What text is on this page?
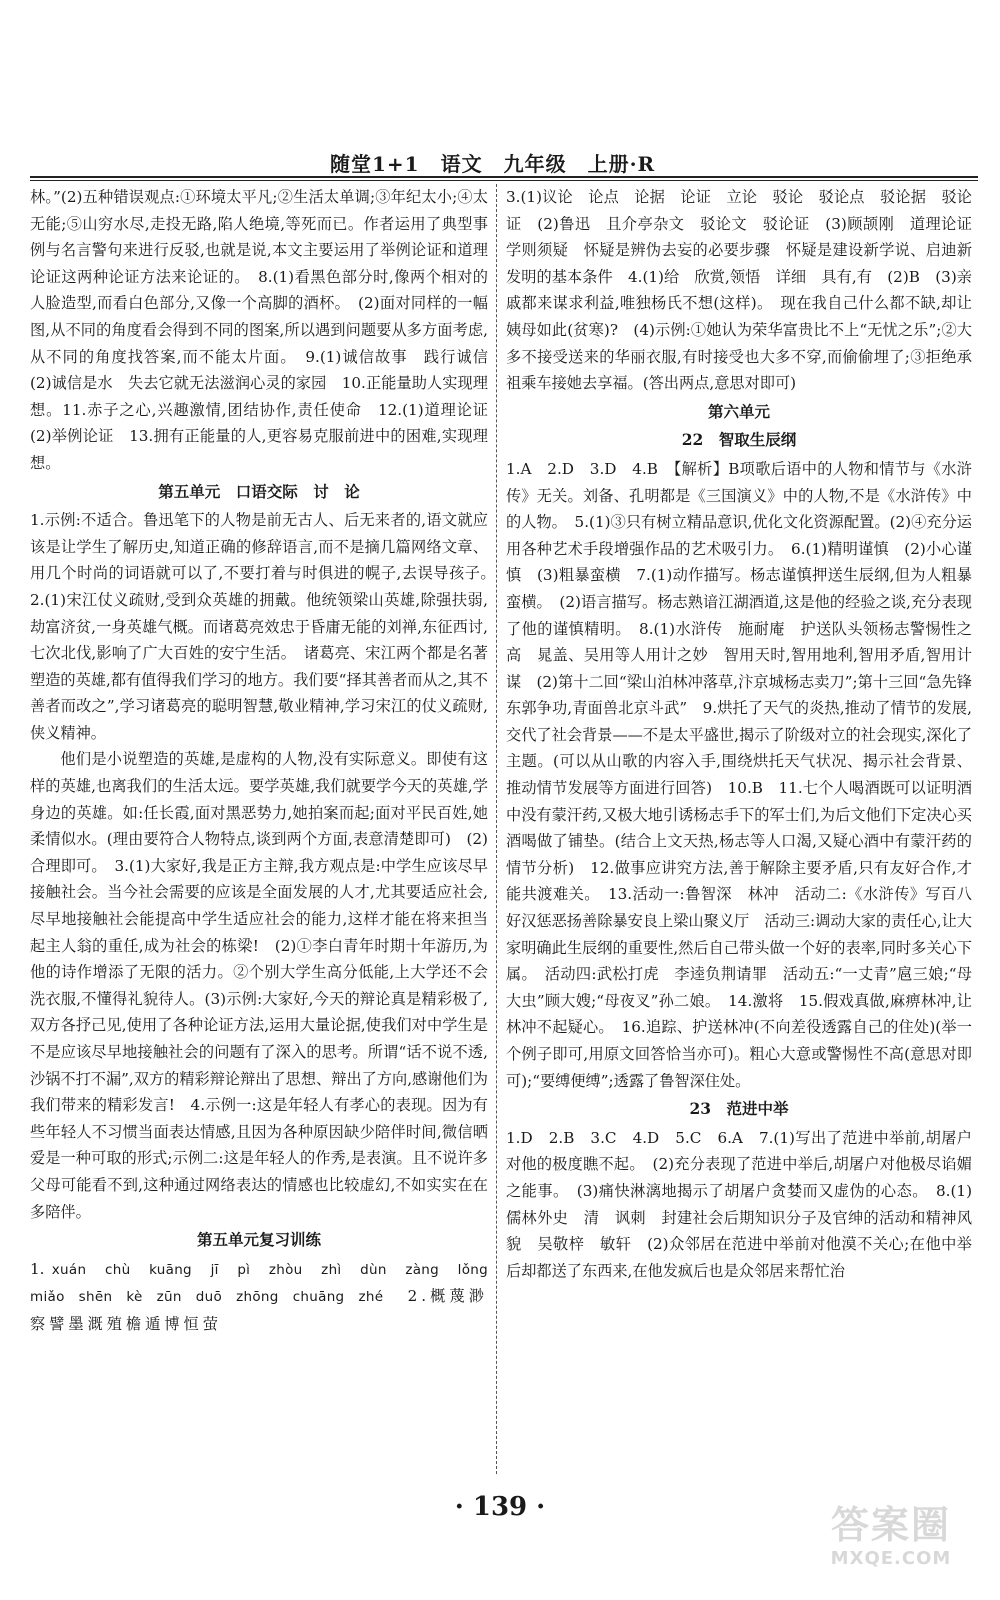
随堂1+1　语文　九年级　上册·R

林。”(2)五种错误观点:①环境太平凡;②生活太单调;③年纪太小;④太无能;⑤山穷水尽,走投无路,陷人绝境,等死而已。作者运用了典型事例与名言警句来进行反驳,也就是说,本文主要运用了举例论证和道理论证这两种论证方法来论证的。　8.(1)看黑色部分时,像两个相对的人脸造型,而看白色部分,又像一个高脚的酒杯。　(2)面对同样的一幅图,从不同的角度看会得到不同的图案,所以遇到问题要从多方面考虑,从不同的角度找答案,而不能太片面。　9.(1)诚信故事　践行诚信　(2)诚信是水　失去它就无法滋润心灵的家园　10.正能量助人实现理想。11.赤子之心,兴趣激情,团结协作,责任使命　12.(1)道理论证　(2)举例论证　13.拥有正能量的人,更容易克服前进中的困难,实现理想。

第五单元　口语交际　讨　论

1.示例:不适合。鲁迅笔下的人物是前无古人、后无来者的,语文就应该是让学生了解历史,知道正确的修辞语言,而不是摘几篇网络文章、用几个时尚的词语就可以了,不要打着与时俱进的幌子,去误导孩子。　2.(1)宋江仗义疏财,受到众英雄的拥戴。他统领梁山英雄,除强扶弱,劫富济贫,一身英雄气概。而诸葛亮效忠于昏庸无能的刘禅,东征西讨,七次北伐,影响了广大百姓的安宁生活。　诸葛亮、宋江两个都是名著塑造的英雄,都有值得我们学习的地方。我们要“择其善者而从之,其不善者而改之”,学习诸葛亮的聪明智慧,敬业精神,学习宋江的仗义疏财,侠义精神。

他们是小说塑造的英雄,是虚构的人物,没有实际意义。即使有这样的英雄,也离我们的生活太远。要学英雄,我们就要学今天的英雄,学身边的英雄。如:任长霞,面对黑恶势力,她拍案而起;面对平民百姓,她柔情似水。(理由要符合人物特点,谈到两个方面,表意清楚即可)　(2)合理即可。　3.(1)大家好,我是正方主辩,我方观点是:中学生应该尽早接触社会。当今社会需要的应该是全面发展的人才,尤其要适应社会,尽早地接触社会能提高中学生适应社会的能力,这样才能在将来担当起主人翁的重任,成为社会的栋梁!　(2)①李白青年时期十年游历,为他的诗作增添了无限的活力。②个别大学生高分低能,上大学还不会洗衣服,不懂得礼貌待人。(3)示例:大家好,今天的辩论真是精彩极了,双方各抒己见,使用了各种论证方法,运用大量论据,使我们对中学生是不是应该尽早地接触社会的问题有了深入的思考。所谓“话不说不透,沙锅不打不漏”,双方的精彩辩论辩出了思想、辩出了方向,感谢他们为我们带来的精彩发言!　4.示例一:这是年轻人有孝心的表现。因为有些年轻人不习惯当面表达情感,且因为各种原因缺少陪伴时间,微信晒爱是一种可取的形式;示例二:这是年轻人的作秀,是表演。且不说许多父母可能看不到,这种通过网络表达的情感也比较虚幻,不如实实在在多陪伴。

第五单元复习训练

1. xuán　chù　kuāng　jī　pì　zhòu　zhì　dùn　zàng　lǒng　miǎo　shēn　kè　zūn　duō　zhōng　chuāng　zhé 　2.概蔑渺察譬墨溉殖檐遁博恒萤

3.(1)议论　论点　论据　论证　立论　驳论　驳论点　驳论据　驳论证　(2)鲁迅　且介亭杂文　驳论文　驳论证　(3)顾颉刚　道理论证　学则须疑　怀疑是辨伪去妄的必要步骤　怀疑是建设新学说、启迪新发明的基本条件　4.(1)给　欣赏,领悟　详细　具有,有　(2)B　(3)亲戚都来谋求利益,唯独杨氏不想(这样)。　现在我自己什么都不缺,却让姨母如此(贫寒)?　(4)示例:①她认为荣华富贵比不上“无忧之乐”;②大多不接受送来的华丽衣服,有时接受也大多不穿,而偷偷埋了;③拒绝承祖乘车接她去享福。(答出两点,意思对即可)

第六单元

22　智取生辰纲

1.A　2.D　3.D　4.B　【解析】B项歌后语中的人物和情节与《水浒传》无关。刘备、孔明都是《三国演义》中的人物,不是《水浒传》中的人物。　5.(1)③只有树立精品意识,优化文化资源配置。(2)④充分运用各种艺术手段增强作品的艺术吸引力。　6.(1)精明谨慎　(2)小心谨慎　(3)粗暴蛮横　7.(1)动作描写。杨志谨慎押送生辰纲,但为人粗暴蛮横。　(2)语言描写。杨志熟谙江湖酒道,这是他的经验之谈,充分表现了他的谨慎精明。　8.(1)水浒传　施耐庵　护送队头领杨志警惕性之高　晁盖、吴用等人用计之妙　智用天时,智用地利,智用矛盾,智用计谋　(2)第十二回“梁山泊林冲落草,汴京城杨志卖刀”;第十三回“急先锋东郭争功,青面兽北京斗武”　9.烘托了天气的炎热,推动了情节的发展,交代了社会背景——不是太平盛世,揭示了阶级对立的社会现实,深化了主题。(可以从山歌的内容入手,围绕烘托天气状况、揭示社会背景、推动情节发展等方面进行回答)　10.B　11.七个人喝酒既可以证明酒中没有蒙汗药,又极大地引诱杨志手下的军士们,为后文他们下定决心买酒喝做了铺垫。(结合上文天热,杨志等人口渴,又疑心酒中有蒙汗药的情节分析)　12.做事应讲究方法,善于解除主要矛盾,只有友好合作,才能共渡难关。　13.活动一:鲁智深　林冲　活动二:《水浒传》写百八好汉惩恶扬善除暴安良上梁山聚义厅　活动三:调动大家的责任心,让大家明确此生辰纲的重要性,然后自己带头做一个好的表率,同时多关心下属。　活动四:武松打虎　李逵负荆请罪　活动五:“一丈青”扈三娘;“母大虫”顾大嫂;“母夜叉”孙二娘。　14.激将　15.假戏真做,麻痹林冲,让林冲不起疑心。　16.追踪、护送林冲(不向差役透露自己的住处)(举一个例子即可,用原文回答恰当亦可)。粗心大意或警惕性不高(意思对即可);“要缚便缚”;透露了鲁智深住处。

23　范进中举

1.D　2.B　3.C　4.D　5.C　6.A　7.(1)写出了范进中举前,胡屠户对他的极度瞧不起。　(2)充分表现了范进中举后,胡屠户对他极尽谄媚之能事。　(3)痛快淋漓地揭示了胡屠户贪婪而又虚伪的心态。　8.(1)儒林外史　清　讽刺　封建社会后期知识分子及官绅的活动和精神风貌　吴敬梓　敏轩　(2)众邻居在范进中举前对他漠不关心;在他中举后却都送了东西来,在他发疯后也是众邻居来帮忙治

· 139 ·	答案圈
MXQE.COM
